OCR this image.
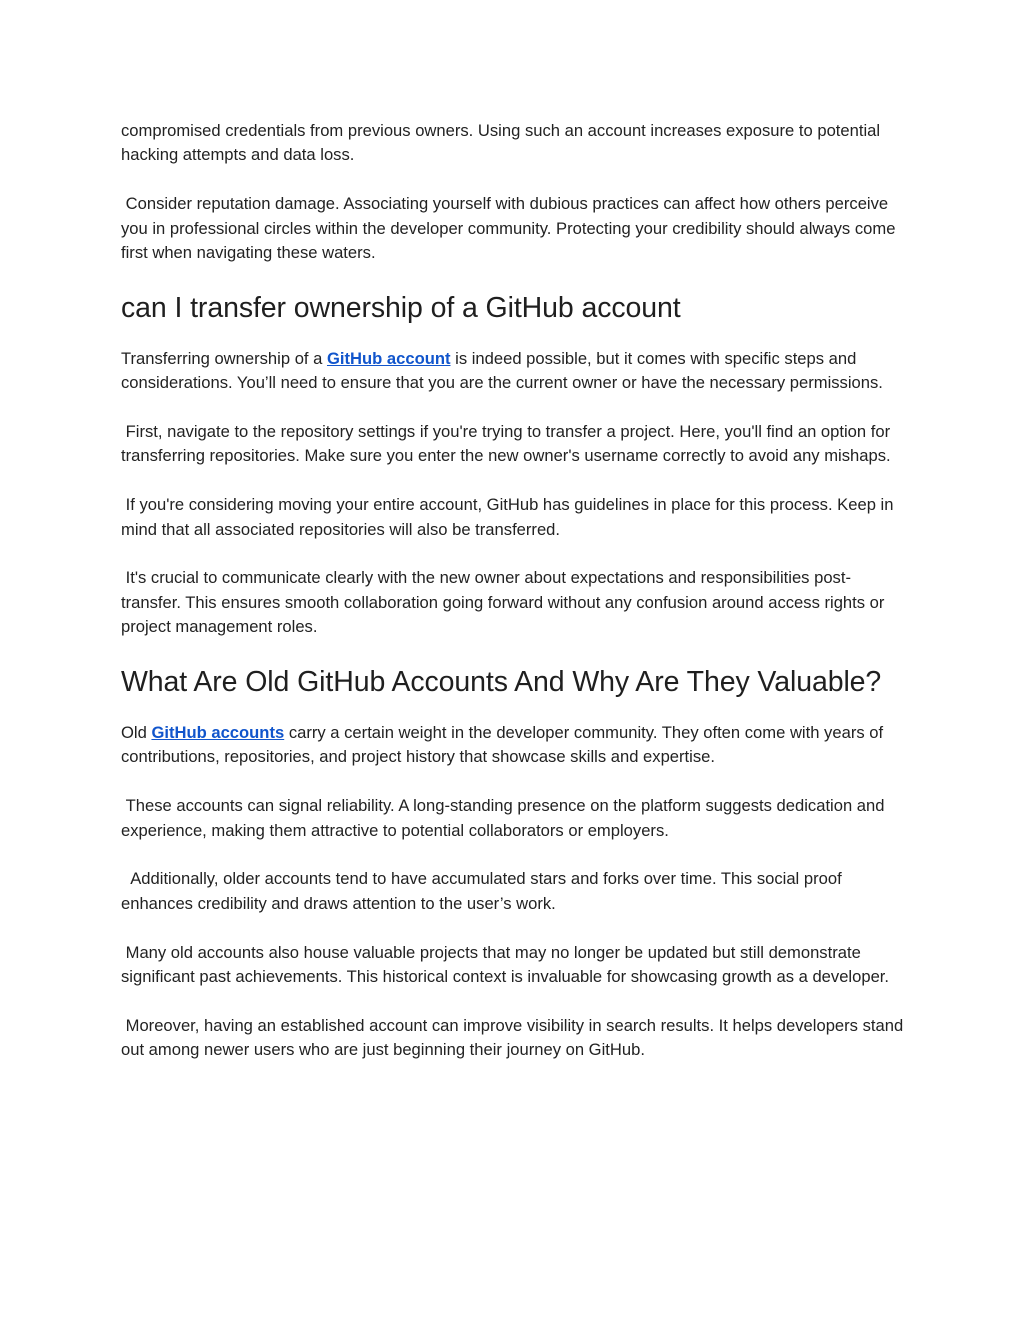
compromised credentials from previous owners. Using such an account increases exposure to potential hacking attempts and data loss.

Consider reputation damage. Associating yourself with dubious practices can affect how others perceive you in professional circles within the developer community. Protecting your credibility should always come first when navigating these waters.

can I transfer ownership of a GitHub account

Transferring ownership of a GitHub account is indeed possible, but it comes with specific steps and considerations. You’ll need to ensure that you are the current owner or have the necessary permissions.

First, navigate to the repository settings if you're trying to transfer a project. Here, you'll find an option for transferring repositories. Make sure you enter the new owner's username correctly to avoid any mishaps.

If you're considering moving your entire account, GitHub has guidelines in place for this process. Keep in mind that all associated repositories will also be transferred.

It's crucial to communicate clearly with the new owner about expectations and responsibilities post-transfer. This ensures smooth collaboration going forward without any confusion around access rights or project management roles.

What Are Old GitHub Accounts And Why Are They Valuable?

Old GitHub accounts carry a certain weight in the developer community. They often come with years of contributions, repositories, and project history that showcase skills and expertise.

These accounts can signal reliability. A long-standing presence on the platform suggests dedication and experience, making them attractive to potential collaborators or employers.

Additionally, older accounts tend to have accumulated stars and forks over time. This social proof enhances credibility and draws attention to the user’s work.

Many old accounts also house valuable projects that may no longer be updated but still demonstrate significant past achievements. This historical context is invaluable for showcasing growth as a developer.

Moreover, having an established account can improve visibility in search results. It helps developers stand out among newer users who are just beginning their journey on GitHub.
